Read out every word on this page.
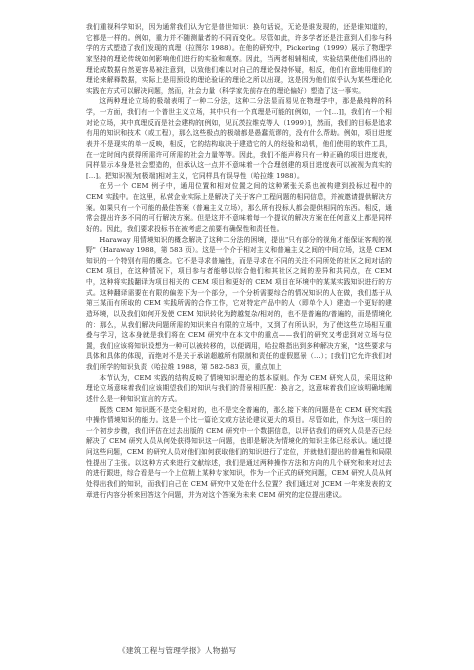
我们重视科学知识，因为通常我们认为它是普世知识：换句话说，无论是谁发现的，还是谁知道的，它都是一样的。例如，重力并不随测量者的不同而变化。尽管如此，许多学者还是注意到人们参与科学的方式塑造了我们发现的真理（拉图尔 1988）。在他的研究中，Pickering（1999）展示了物理学家坚持的理论传统如何影响他们进行的实验和观察。因此，当两者相辅相成，实验结果使他们得出的理论成数据自然更容易被注意到，以致他们难以对自己的理论保持怀疑，相反，他们有意地用他们的理论来解释数据，实际上是用预设的理论验证的理论之所以出现，这是因为他们似乎认为某些理论化实践在方式可以解决问题，然而，社会力量（科学家先前存在的理论偏好）塑造了这一事实。

这两种理论立场的极端表明了一种二分法，这种二分法显而易见在物理学中，那是最纯粹的科学，一方面，我们有一个普世主义立场，其中只有一个真理是可能的[例如，一个[...]]，我们有一个相对论立场，其中真理反而是社会建构的[例如，见瓦茨拉维克等人（1999）]，然而，我们的目标是追求有用的知识和技术（或工程），那么这些极点的极端都是愚蠢荒谬的，没有什么帮助。例如，项目进度表并不是现实的单一反映，相反，它的结构取决于建造它的人的经验和动机，他们使用的软件工具，在一定时间内获得所需许可所需的社会力量等等。因此，我们不能声称只有一种正确的项目进度表，同样显示本身是社会塑造的，但承认这一点并不意味着一个合理创建的项目进度表可以被视为真实的 [...]。把知识视为[极端]相对主义，它同样具有误导性（哈拉维 1988）。

在另一个 CEM 例子中，通用位置和相对位置之间的这种紧张关系也被构建到投标过程中的 CEM 实践中。在这里，私营企业实际上是解决了关于客户工程问题的相同信息，并被邀请提供解决方案。如果只有一个可能的最佳答案（普遍主义立场），那么所有投标人都会提供相同的东西。相反，通常会提出许多不同的可行解决方案。但是这并不意味着每一个提议的解决方案在任何意义上都是同样好的。因此，我们要求投标书在被考虑之前要有确保性和责任性。

Haraway 用情境知识的概念解决了这种二分法的困境，提出"只有部分的视角才能保证客观的视野"（Haraway 1988，第 583 页）。这是一个介于相对主义和普遍主义之间的中间立场，这是 CEM 知识的一个特别有用的概念。它不是寻求普遍性，而是寻求在不同的关注不同所处的社区之间对话的 CEM 项目，在这种情况下，项目参与者能够以综合他们和其社区之间的差异和共同点，在 CEM 中，这种将实践翻译为项目相关的 CEM 项目和更好的 CEM 项目在环境中的某某实践知识进行的方式。这种翻译需要在有限的偏差下为一个部分，一个分析需要综合的情况知识的人在做，我们基于从第三某而有所取的 CEM 实践所需的合作工作，它对特定产品中的人（即单个人）建造一个更好的建造环境，以及我们如何开发使 CEM 知识转化为跨越复杂/相对的，也不是普遍的/普遍的，而是情境化的：那么，从我们解决问题所需的知识来自有限的立场中，又到了有所认识，为了使这些立场相互重叠与学习，这本身就是我们将在 CEM 研究中在本文中的重点——我们的研究又考虑到对立场与位置，我们应该将知识设想为一种可以被转移的，以便调用，哈拉维指出到多种解决方案，"这些要求与具体和具体的体现，而绝对不是关于承诺超越所有限制和责任的虚假愿景（...）；[我们]它允许我们对我们所学的知识负责（哈拉维 1988，第 582-583 页，重点加上

本节认为，CEM 实践的结构反映了情境知识理论的基本原则。作为 CEM 研究人员，采用这种理论立场意味着我们应该期望我们的知识与我们的背景相匹配：换言之，这意味着我们应该明确地阐述什么是一种知识宣言的方式。

既然 CEM 知识既不是完全相对的，也不是完全普遍的，那么接下来的问题是在 CEM 研究实践中操作情境知识的能力。这是一个比一篇论文或方法论建议更大的项目。尽管如此，作为这一项目的一个初步步骤，我们评估在过去出版的 CEM 研究中一个数据信息，以评估我们的研究人员是否已经解决了 CEM 研究人员从何处获得知识这一问题，也即是解决为情境化的知识主体已经承认。通过提问这些问题，CEM 的研究人员对他们如何获取他们的知识进行了定位，并就他们提出的普遍性和局限性提出了主张。以这种方式来进行文献综述，我们是通过两种操作方法和方向的几个研究和来对过去的进行跟进，综合看是与一个上位精上某种专家知识，作为一个正式的研究问题，CEM 研究人员从何处得出我们的知识，而我们自己在 CEM 研究中又处在什么位置？我们通过对 JCEM 一年来发表的文章进行内容分析来回答这个问题，并为对这个答案为未来 CEM 研究的定位提出建议。

《建筑工程与管理学报》人物描写
